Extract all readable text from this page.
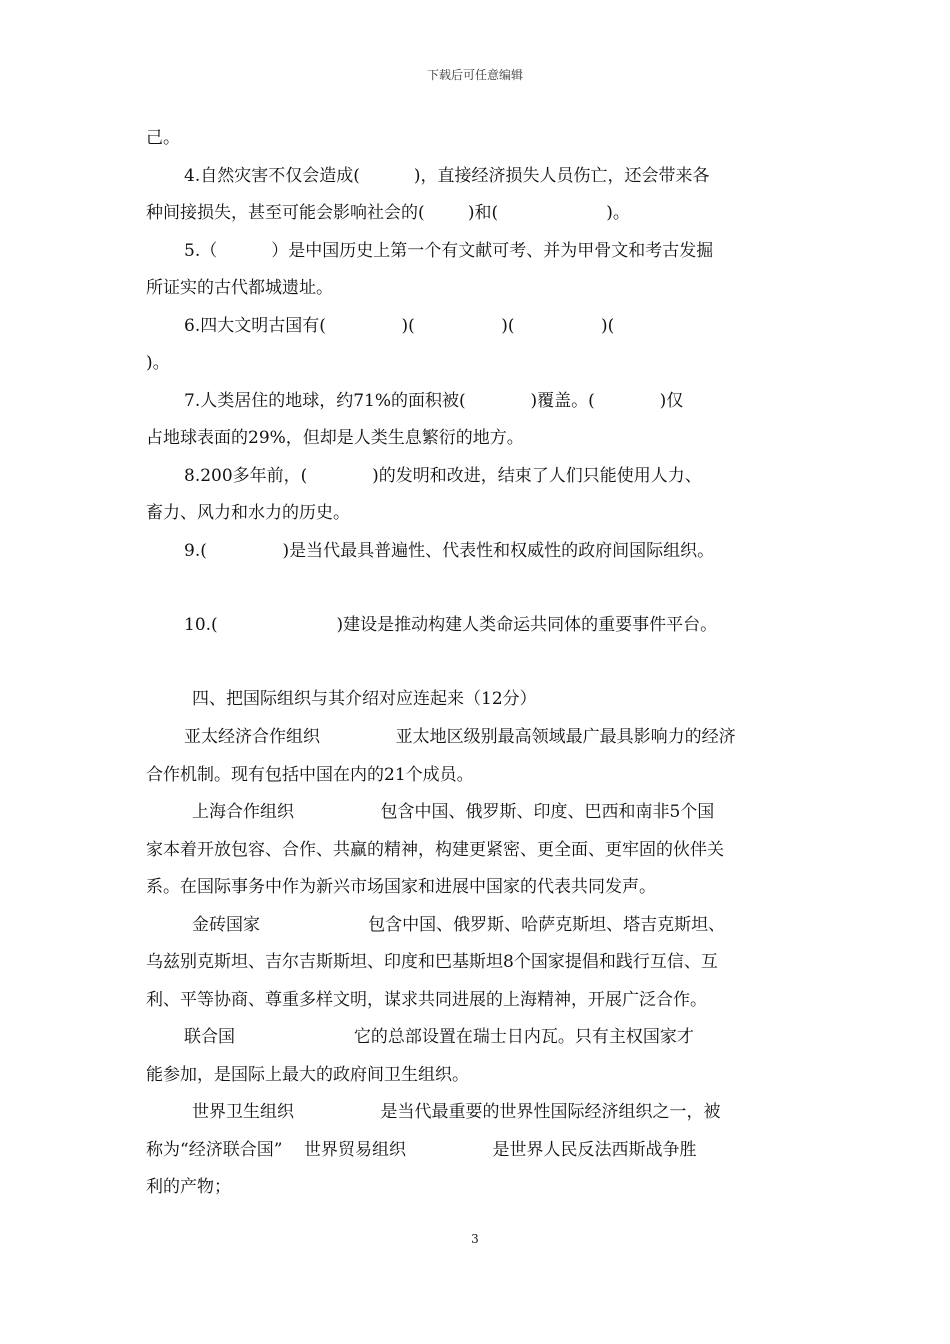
下载后可任意编辑
己。
4.自然灾害不仅会造成(          )，直接经济损失人员伤亡，还会带来各
种间接损失，甚至可能会影响社会的(        )和(                    )。
5.（          ）是中国历史上第一个有文献可考、并为甲骨文和考古发掘
所证实的古代都城遗址。
6.四大文明古国有(              )(                )(                )(
)。
7.人类居住的地球，约71%的面积被(            )覆盖。(            )仅
占地球表面的29%，但却是人类生息繁衍的地方。
8.200多年前，(            )的发明和改进，结束了人们只能使用人力、
畜力、风力和水力的历史。
9.(              )是当代最具普遍性、代表性和权威性的政府间国际组织。
10.(                      )建设是推动构建人类命运共同体的重要事件平台。
四、把国际组织与其介绍对应连起来（12分）
亚太经济合作组织              亚太地区级别最高领域最广最具影响力的经济
合作机制。现有包括中国在内的21个成员。
上海合作组织                包含中国、俄罗斯、印度、巴西和南非5个国
家本着开放包容、合作、共赢的精神，构建更紧密、更全面、更牢固的伙伴关
系。在国际事务中作为新兴市场国家和进展中国家的代表共同发声。
金砖国家                    包含中国、俄罗斯、哈萨克斯坦、塔吉克斯坦、
乌兹别克斯坦、吉尔吉斯斯坦、印度和巴基斯坦8个国家提倡和践行互信、互
利、平等协商、尊重多样文明，谋求共同进展的上海精神，开展广泛合作。
联合国                      它的总部设置在瑞士日内瓦。只有主权国家才
能参加，是国际上最大的政府间卫生组织。
世界卫生组织                是当代最重要的世界性国际经济组织之一，被
称为“经济联合国”    世界贸易组织                是世界人民反法西斯战争胜
利的产物；
3
